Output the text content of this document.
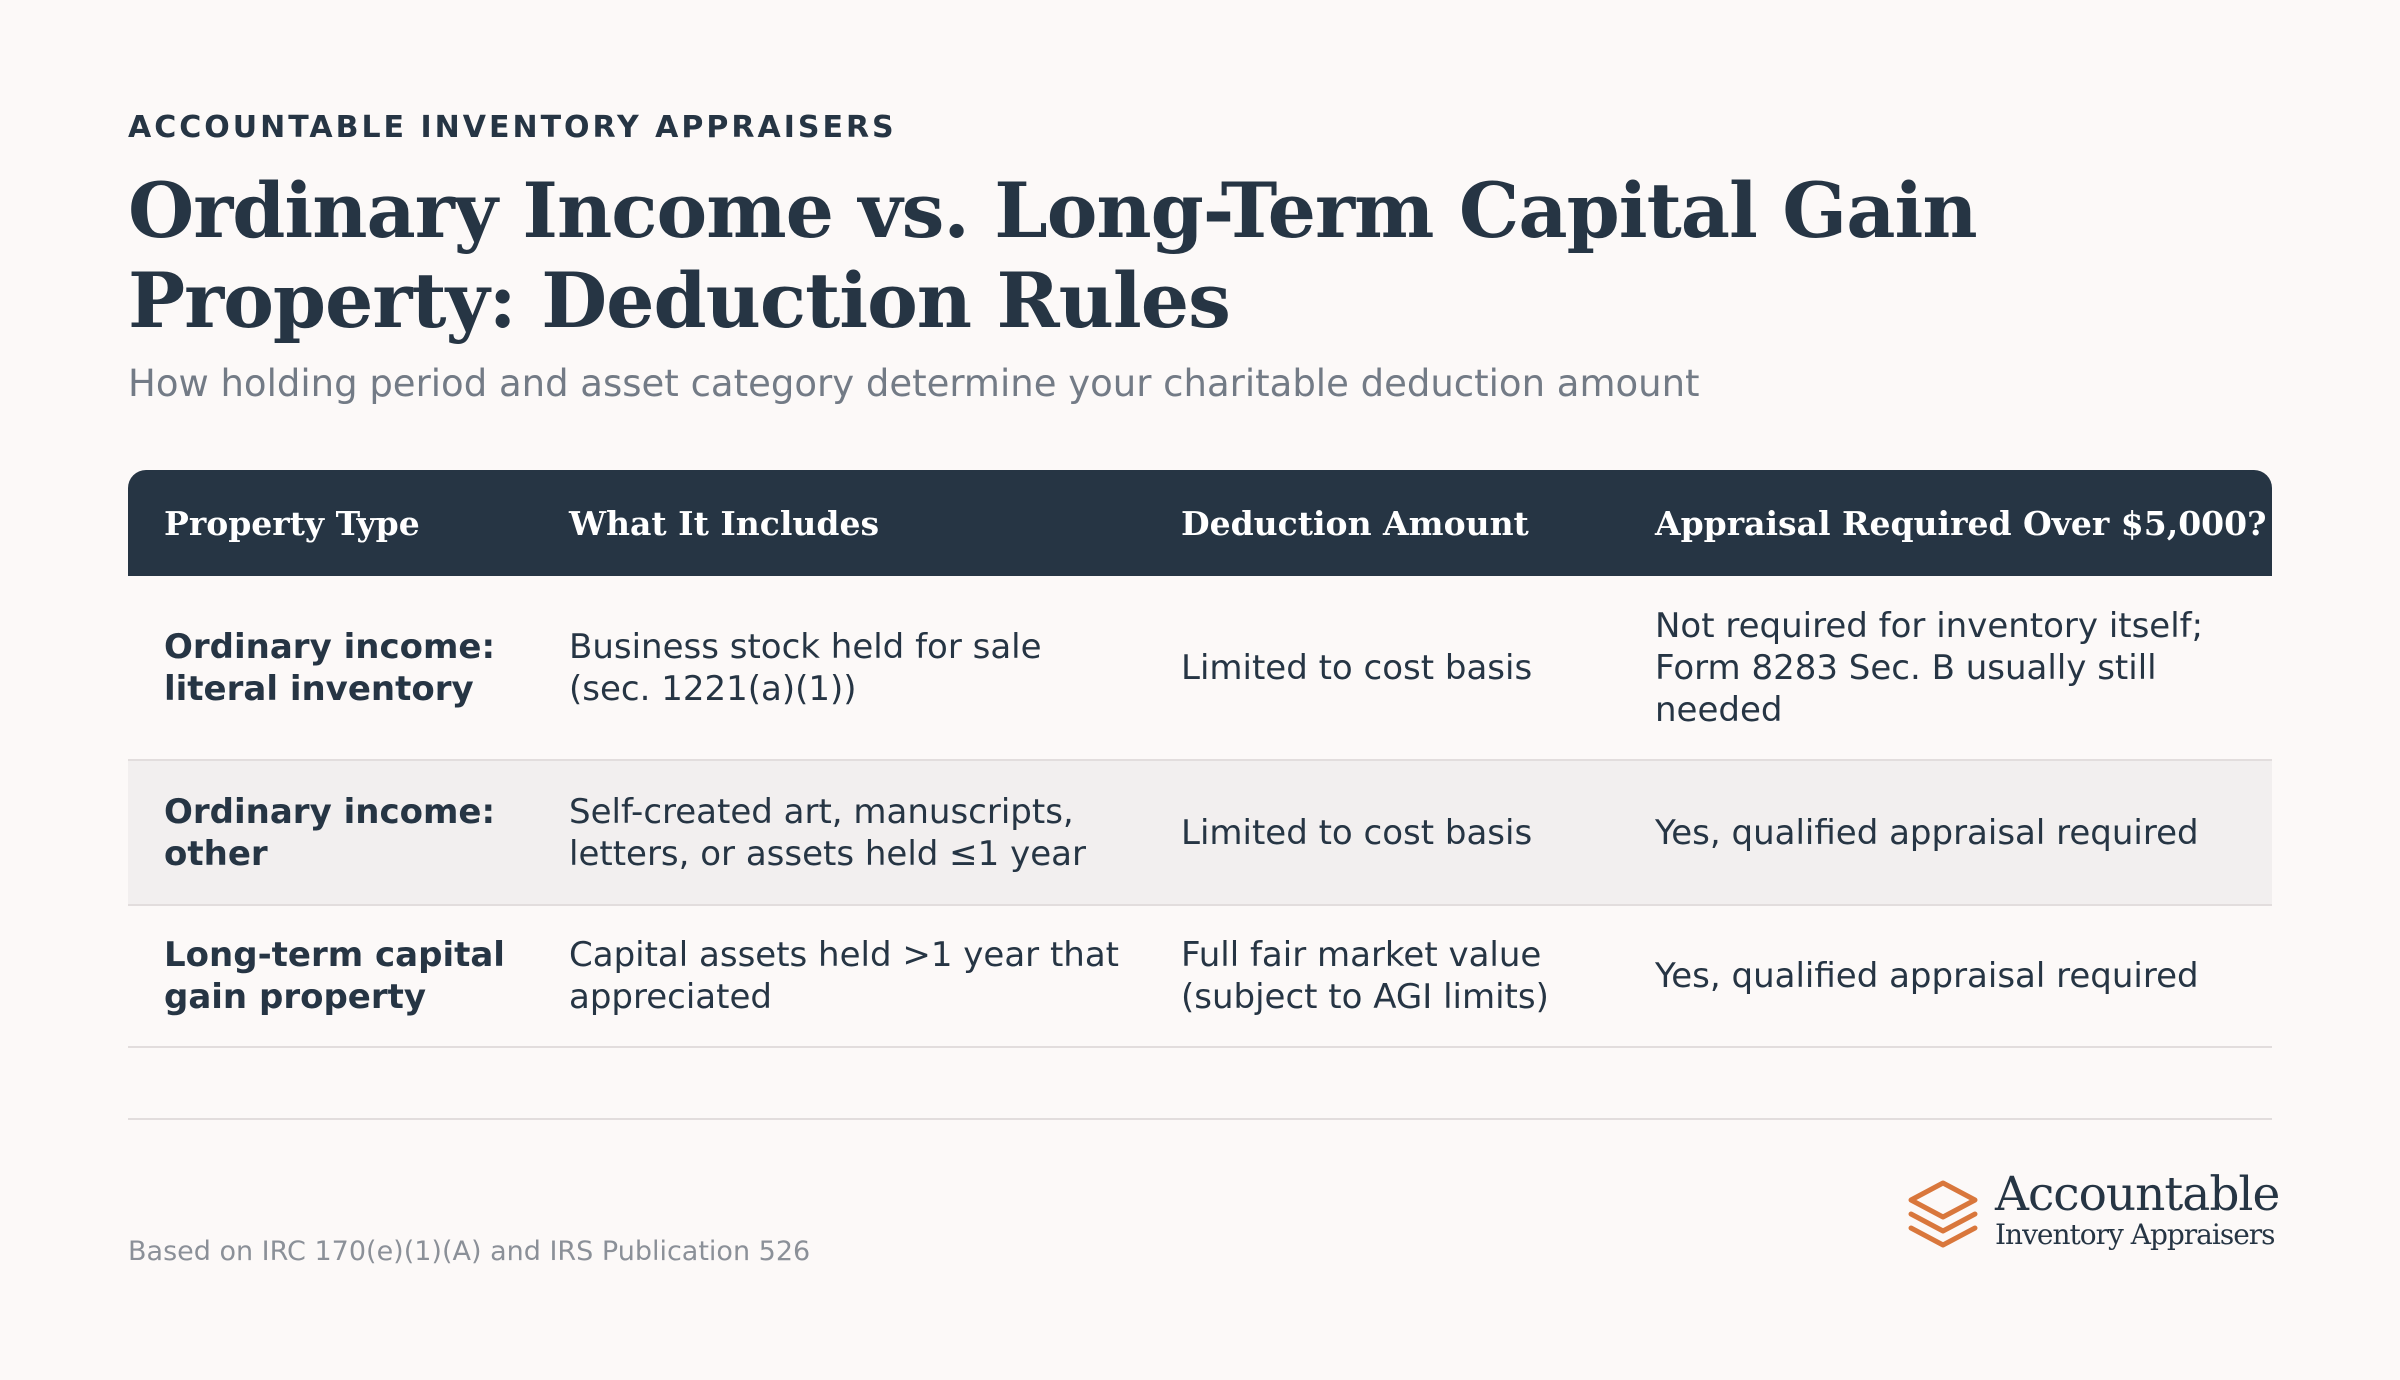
ACCOUNTABLE INVENTORY APPRAISERS
Ordinary Income vs. Long-Term Capital Gain Property: Deduction Rules
How holding period and asset category determine your charitable deduction amount
Property Type	What It Includes	Deduction Amount	Appraisal Required Over $5,000?
Ordinary income: literal inventory	Business stock held for sale (sec. 1221(a)(1))	Limited to cost basis	Not required for inventory itself; Form 8283 Sec. B usually still needed
Ordinary income: other	Self-created art, manuscripts, letters, or assets held ≤1 year	Limited to cost basis	Yes, qualified appraisal required
Long-term capital gain property	Capital assets held >1 year that appreciated	Full fair market value (subject to AGI limits)	Yes, qualified appraisal required
Based on IRC 170(e)(1)(A) and IRS Publication 526
Accountable
Inventory Appraisers
